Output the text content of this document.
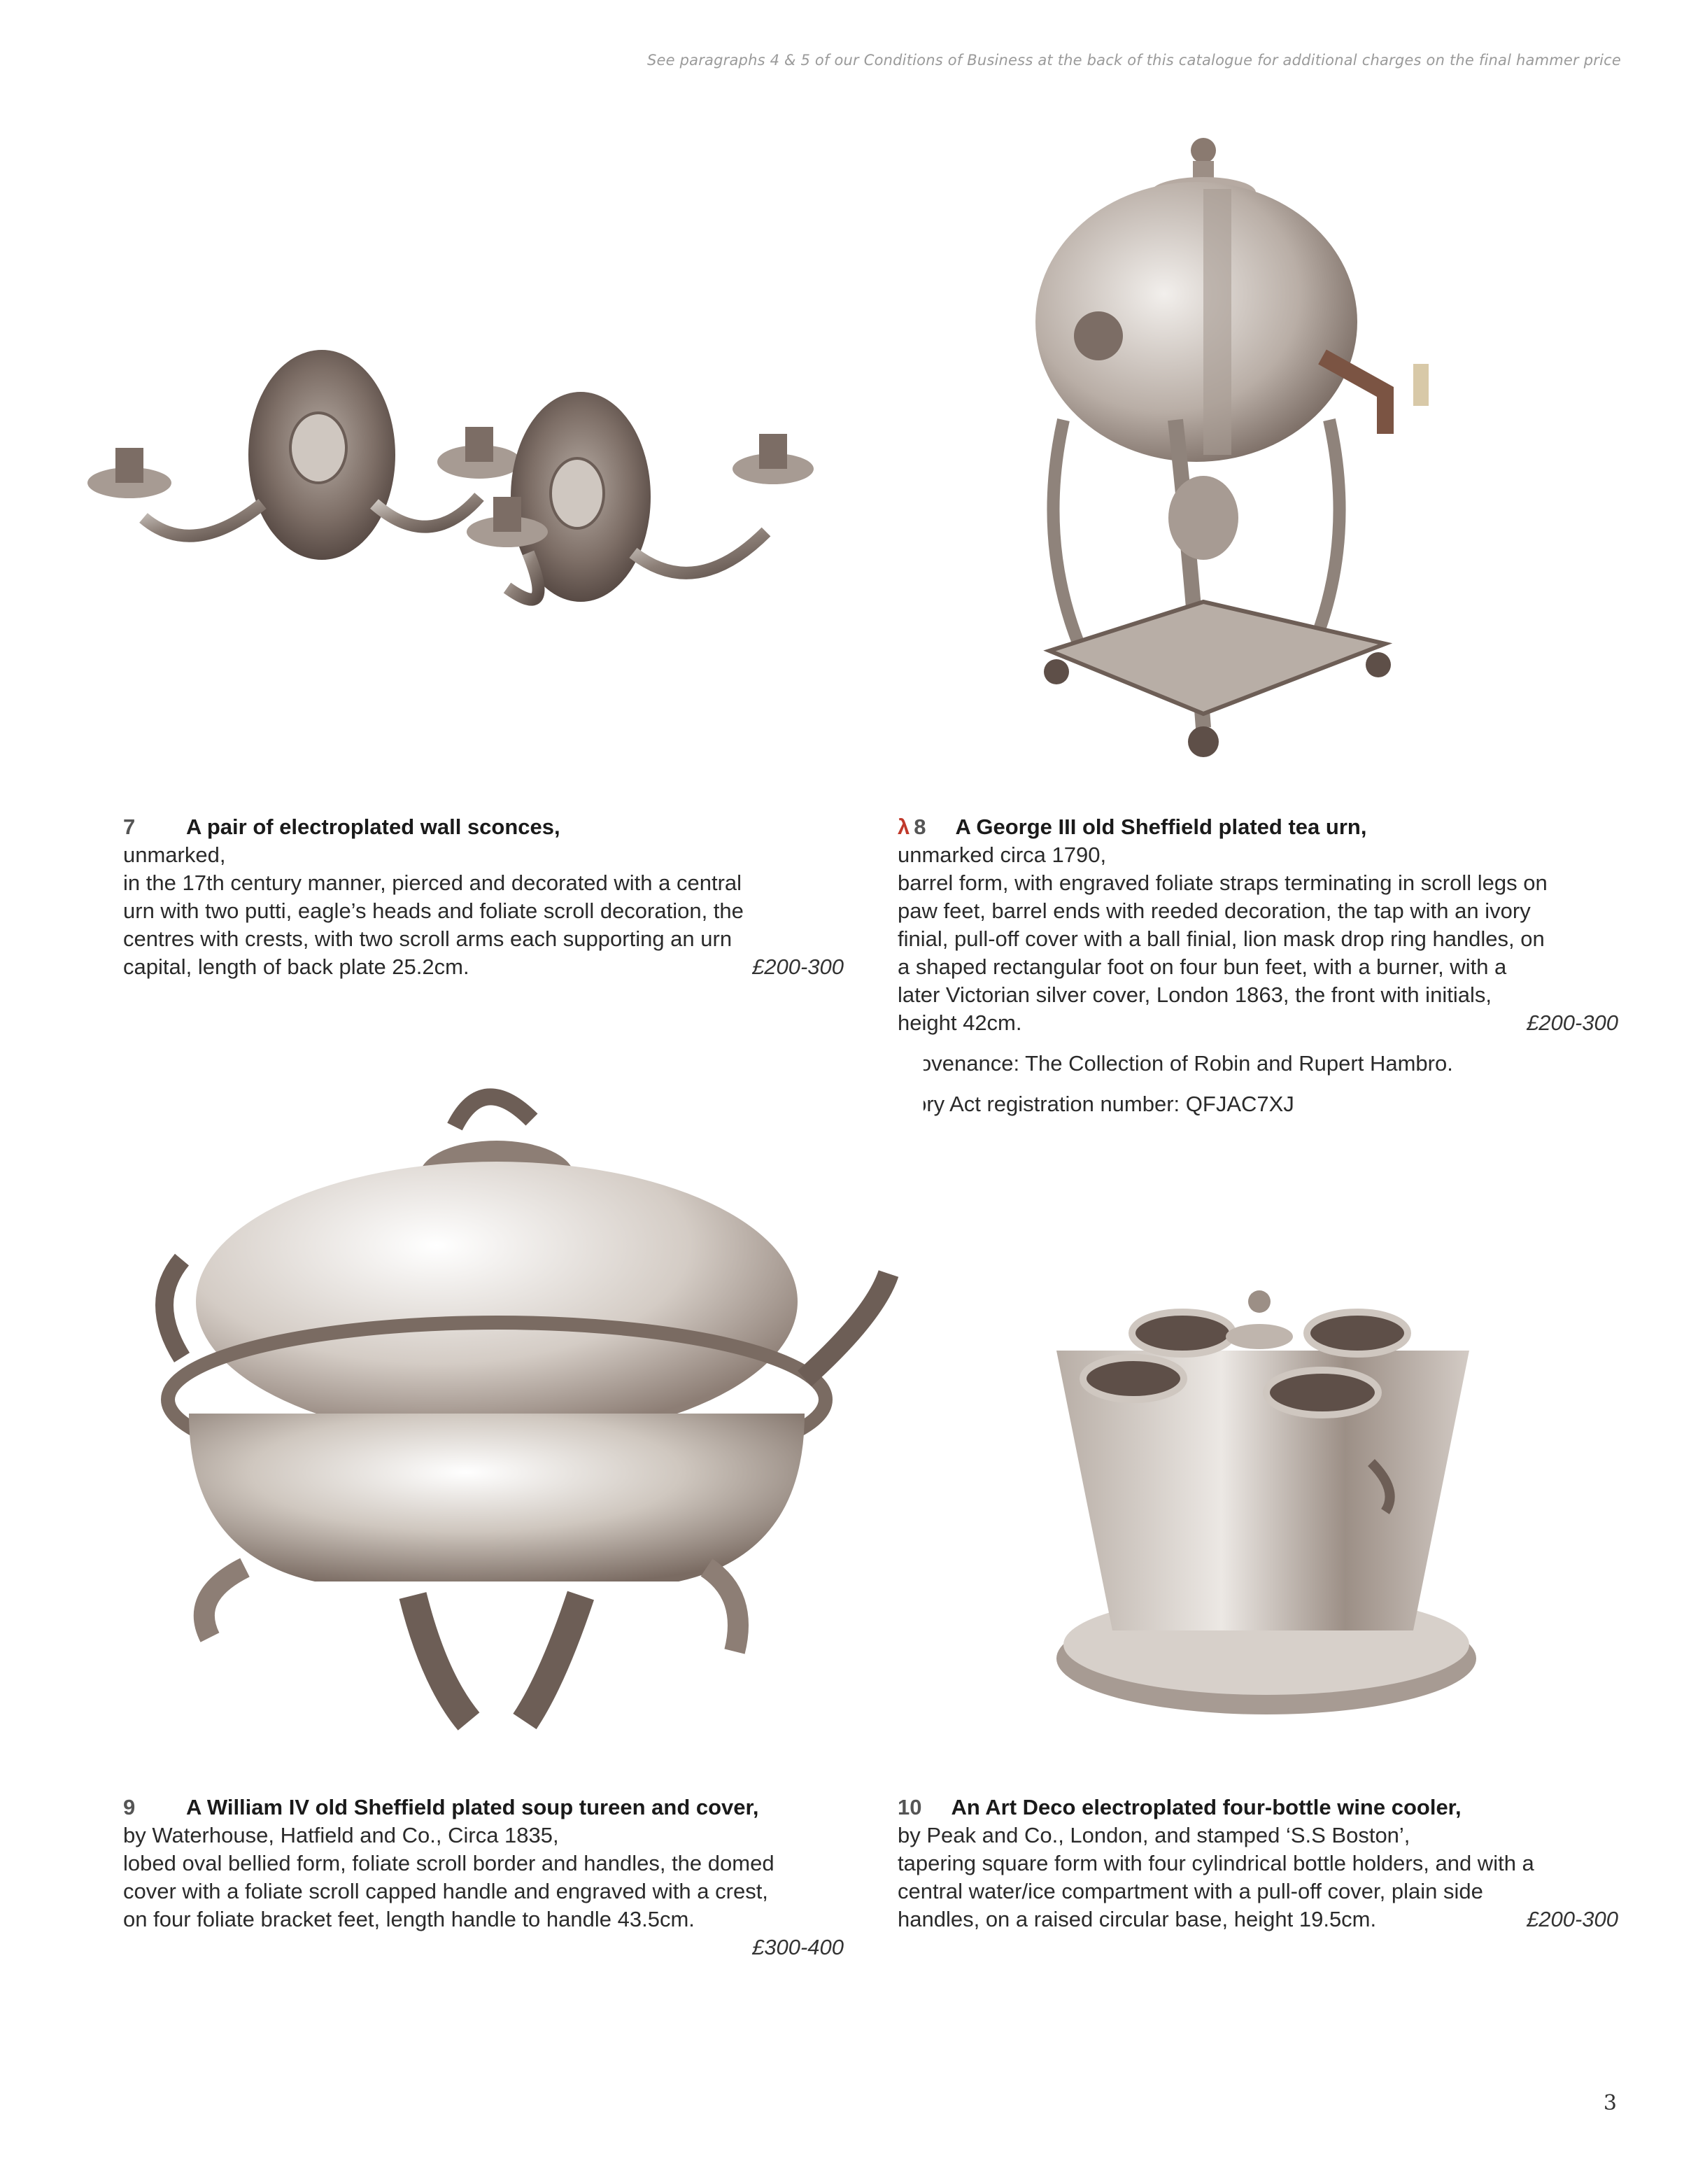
See paragraphs 4 & 5 of our Conditions of Business at the back of this catalogue for additional charges on the final hammer price

7 A pair of electroplated wall sconces,

unmarked,

in the 17th century manner, pierced and decorated with a central

urn with two putti, eagle’s heads and foliate scroll decoration, the

centres with crests, with two scroll arms each supporting an urn

capital, length of back plate 25.2cm.	£200-300

λ 8 A George III old Sheffield plated tea urn,

unmarked circa 1790,

barrel form, with engraved foliate straps terminating in scroll legs on

paw feet, barrel ends with reeded decoration, the tap with an ivory

finial, pull-off cover with a ball finial, lion mask drop ring handles, on

a shaped rectangular foot on four bun feet, with a burner, with a

later Victorian silver cover, London 1863, the front with initials,

height 42cm.	£200-300

Provenance: The Collection of Robin and Rupert Hambro.

Ivory Act registration number: QFJAC7XJ

9 A William IV old Sheffield plated soup tureen and cover,

by Waterhouse, Hatfield and Co., Circa 1835,

lobed oval bellied form, foliate scroll border and handles, the domed

cover with a foliate scroll capped handle and engraved with a crest,

on four foliate bracket feet, length handle to handle 43.5cm.

£300-400

10 An Art Deco electroplated four-bottle wine cooler,

by Peak and Co., London, and stamped ‘S.S Boston’,

tapering square form with four cylindrical bottle holders, and with a

central water/ice compartment with a pull-off cover, plain side

handles, on a raised circular base, height 19.5cm.	£200-300

3
